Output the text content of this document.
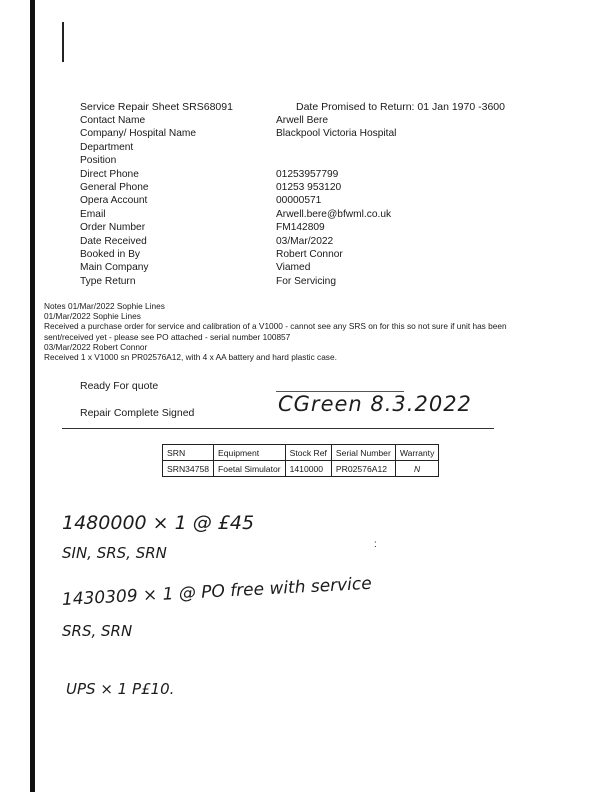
Service Repair Sheet SRS68091	Date Promised to Return: 01 Jan 1970 -3600
Contact Name	Arwell Bere
Company/ Hospital Name	Blackpool Victoria Hospital
Department
Position
Direct Phone	01253957799
General Phone	01253 953120
Opera Account	00000571
Email	Arwell.bere@bfwml.co.uk
Order Number	FM142809
Date Received	03/Mar/2022
Booked in By	Robert Connor
Main Company	Viamed
Type Return	For Servicing
Notes 01/Mar/2022 Sophie Lines
01/Mar/2022 Sophie Lines
Received a purchase order for service and calibration of a V1000 - cannot see any SRS on for this so not sure if unit has been sent/received yet - please see PO attached - serial number 100857
03/Mar/2022 Robert Connor
Received 1 x V1000 sn PR02576A12, with 4 x AA battery and hard plastic case.
Ready For quote
Repair Complete Signed	CGreen 8.3.2022
SRN	Equipment	Stock Ref	Serial Number	Warranty
SRN34758	Foetal Simulator	1410000	PR02576A12	N
1480000 × 1 @ £45
SIN, SRS, SRN	:
1430309 × 1 @ PO free with service
SRS, SRN
UPS × 1 P£10.
